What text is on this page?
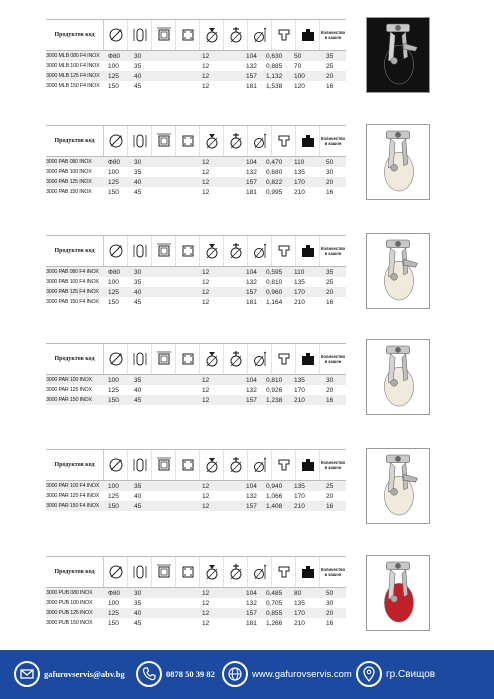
Продуктов код	Количество в кашон
3000 MLB 080 F4 INOX	Ф80	30	12	104	0,630	50	35
3000 MLB 100 F4 INOX	100	35	12	132	0,885	70	25
3000 MLB 125 F4 INOX	125	40	12	157	1,132	100	20
3000 MLB 150 F4 INOX	150	45	12	181	1,538	120	16
Продуктов код	Количество в кашон
3000 PAB 080 INOX	Ф80	30	12	104	0,470	110	50
3000 PAB 100 INOX	100	35	12	132	0,680	135	30
3000 PAB 125 INOX	125	40	12	157	0,822	170	20
3000 PAB 150 INOX	150	45	12	181	0,995	210	16
Продуктов код	Количество в кашон
3000 PAB 080 F4 INOX	Ф80	30	12	104	0,595	110	35
3000 PAB 100 F4 INOX	100	35	12	132	0,810	135	25
3000 PAB 125 F4 INOX	125	40	12	157	0,960	170	20
3000 PAB 150 F4 INOX	150	45	12	181	1,164	210	16
Продуктов код	Количество в кашон
3000 PAR 100 INOX	100	35	12	104	0,810	135	30
3000 PAR 125 INOX	125	40	12	132	0,926	170	20
3000 PAR 150 INOX	150	45	12	157	1,238	210	16
Продуктов код	Количество в кашон
3000 PAR 100 F4 INOX	100	35	12	104	0,940	135	25
3000 PAR 125 F4 INOX	125	40	12	132	1,066	170	20
3000 PAR 150 F4 INOX	150	45	12	157	1,408	210	16
Продуктов код	Количество в кашон
3000 PUB 080 INOX	Ф80	30	12	104	0,485	80	50
3000 PUB 100 INOX	100	35	12	132	0,705	135	30
3000 PUB 125 INOX	125	40	12	157	0,855	170	20
3000 PUB 150 INOX	150	45	12	181	1,266	210	16
gafurovservis@abv.bg	0878 50 39 82	www.gafurovservis.com	гр.Свищов
